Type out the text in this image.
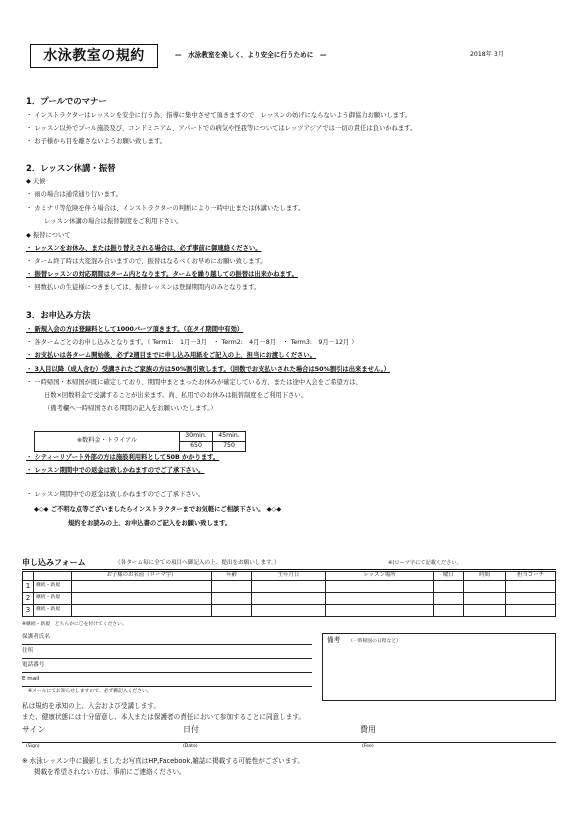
水泳教室の規約	—　水泳教室を楽しく、より安全に行うために　—	2018年 3月
1．プールでのマナー
・ インストラクターはレッスンを安全に行う為、指導に集中させて頂きますので　レッスンの妨げにならないよう御協力お願いします。
・ レッスン以外でプール施設及び、コンドミニアム、アパートでの病気や怪我等についてはレッツアジアでは一切の責任は負いかねます。
・ お子様から目を離さないようお願い致します。
2．レッスン休講・振替
◆ 天候
・ 雨の場合は通常通り行います。
・ カミナリ等危険を伴う場合は、インストラクターの判断により一時中止または休講いたします。
レッスン休講の場合は振替制度をご利用下さい。
◆ 振替について
・ レッスンをお休み、または振り替えされる場合は、必ず事前に御連絡ください。
・ ターム終了時は大変混み合いますので、振替はなるべくお早めにお願い致します。
・ 振替レッスンの対応期間はターム内となります。タームを繰り越しての振替は出来かねます。
・ 回数払いの生徒様につきましては、振替レッスンは登録期間内のみとなります。
3．お申込み方法
・ 新規入会の方は登録料として1000バーツ頂きます。（在タイ期間中有効）
・ 各タームごとのお申し込みとなります。（ Term1:　1月－3月　・ Term2:　4月－8月　・ Term3:　9月－12月 ）
・ お支払いは各ターム開始後、必ず2週目までに申し込み用紙をご記入の上、担当にお渡しください。
・ 3人目以降（成人含む）受講されたご家族の方は50%割引致します。（回数でお支払いされた場合は50%割引は出来ません。）
・ 一時帰国・本帰国が既に確定しており、期間中まとまったお休みが確定している方、または途中入会をご希望方は、
日数×回数料金で受講することが出来ます。尚、私用でのお休みは振替制度をご利用下さい。
（備考欄へ一時帰国される期間の記入をお願いいたします。）
※数料金・トライアル	30min.	45min.
	650	750
・ シティーリゾート外部の方は施設利用料として50B かかります。
・ レッスン期間中での返金は致しかねますのでご了承下さい。
・ レッスン期間中での返金は致しかねますのでご了承下さい。
◆◇◆ ご不明な点等ございましたらインストラクターまでお気軽にご相談下さい。 ◆◇◆
規約をお読みの上、お申込書のご記入をお願い致します。
申し込みフォーム	（各ターム毎に全ての項目へ御記入の上、提出をお願いします。）	※(ローマ字にて記載ください。
		お子様のお名前（ローマ字）	年齢	生年月日	レッスン場所	曜日	時間	担当コーチ
1	継続・新規							
2	継続・新規							
3	継続・新規							
※継続・新規　どちらかに〇を付けてください。
保護者氏名
住所
電話番号
E mail
※メールにてお知らせしますので、必ず御記入ください。
備考 （一時帰国の日程など）
私は規約を承知の上、入会および受講します。
また、健康状態には十分留意し、本人または保護者の責任において参加することに同意します。
サイン	日付	費用
(Sign)	(Date)	(Fee)
※ 水泳レッスン中に撮影しましたお写真はHP,Facebook,雑誌に掲載する可能性がございます。
掲載を希望されない方は、事前にご連絡ください。
